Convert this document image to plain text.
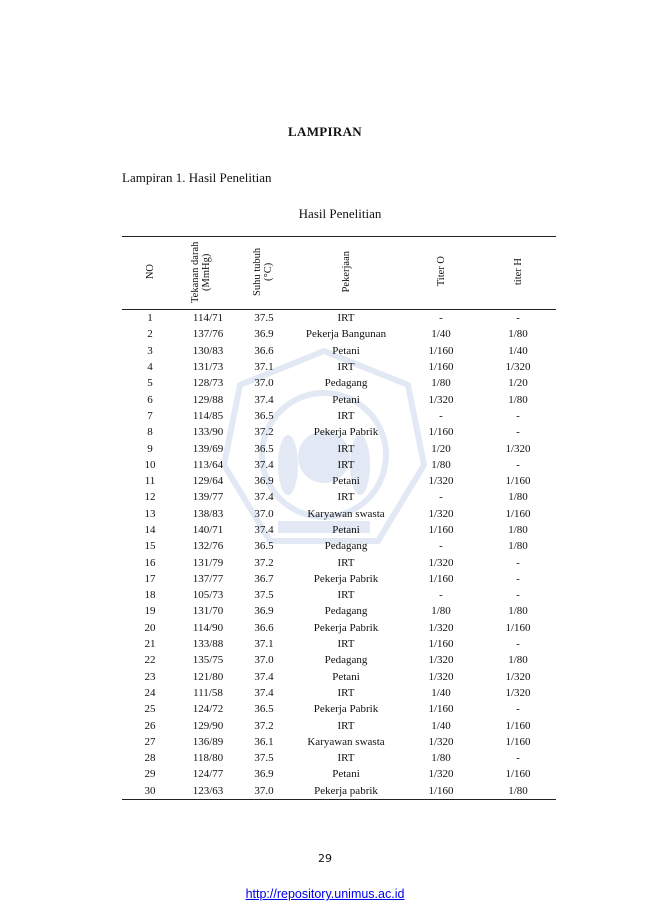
LAMPIRAN
Lampiran 1. Hasil Penelitian
Hasil Penelitian
NO	Tekanan darah (MmHg)	Suhu tubuh (°C)	Pekerjaan	Titer O	titer H
1	114/71	37.5	IRT	-	-
2	137/76	36.9	Pekerja Bangunan	1/40	1/80
3	130/83	36.6	Petani	1/160	1/40
4	131/73	37.1	IRT	1/160	1/320
5	128/73	37.0	Pedagang	1/80	1/20
6	129/88	37.4	Petani	1/320	1/80
7	114/85	36.5	IRT	-	-
8	133/90	37.2	Pekerja Pabrik	1/160	-
9	139/69	36.5	IRT	1/20	1/320
10	113/64	37.4	IRT	1/80	-
11	129/64	36.9	Petani	1/320	1/160
12	139/77	37.4	IRT	-	1/80
13	138/83	37.0	Karyawan swasta	1/320	1/160
14	140/71	37.4	Petani	1/160	1/80
15	132/76	36.5	Pedagang	-	1/80
16	131/79	37.2	IRT	1/320	-
17	137/77	36.7	Pekerja Pabrik	1/160	-
18	105/73	37.5	IRT	-	-
19	131/70	36.9	Pedagang	1/80	1/80
20	114/90	36.6	Pekerja Pabrik	1/320	1/160
21	133/88	37.1	IRT	1/160	-
22	135/75	37.0	Pedagang	1/320	1/80
23	121/80	37.4	Petani	1/320	1/320
24	111/58	37.4	IRT	1/40	1/320
25	124/72	36.5	Pekerja Pabrik	1/160	-
26	129/90	37.2	IRT	1/40	1/160
27	136/89	36.1	Karyawan swasta	1/320	1/160
28	118/80	37.5	IRT	1/80	-
29	124/77	36.9	Petani	1/320	1/160
30	123/63	37.0	Pekerja pabrik	1/160	1/80
29
http://repository.unimus.ac.id
